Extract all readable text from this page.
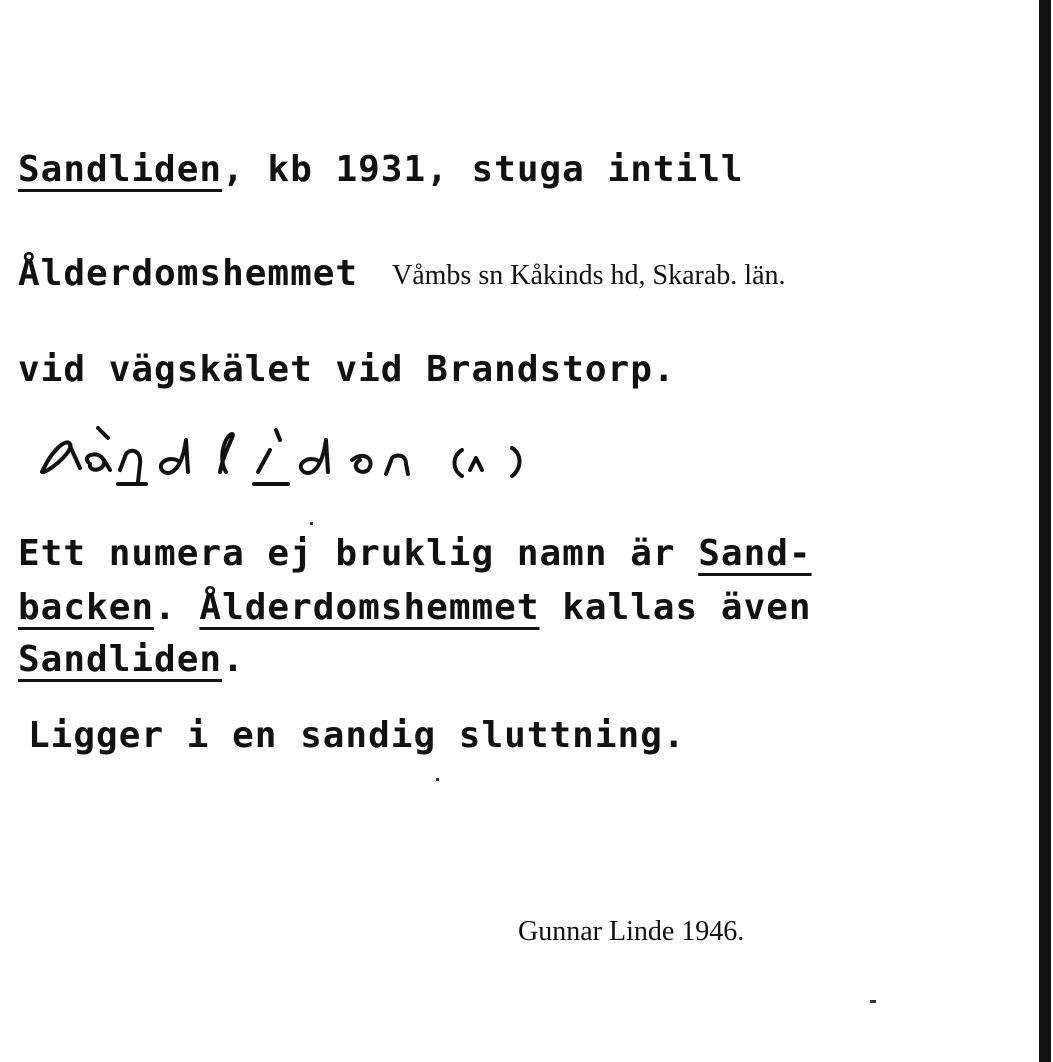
Sandliden, kb 1931, stuga intill
Ålderdomshemmet Våmbs sn Kåkinds hd, Skarab. län.
vid vägskälet vid Brandstorp.
sàndlīdən (n)
Ett numera ej bruklig namn är Sand-
backen. Ålderdomshemmet kallas även
Sandliden.
Ligger i en sandig sluttning.
Gunnar Linde 1946.
